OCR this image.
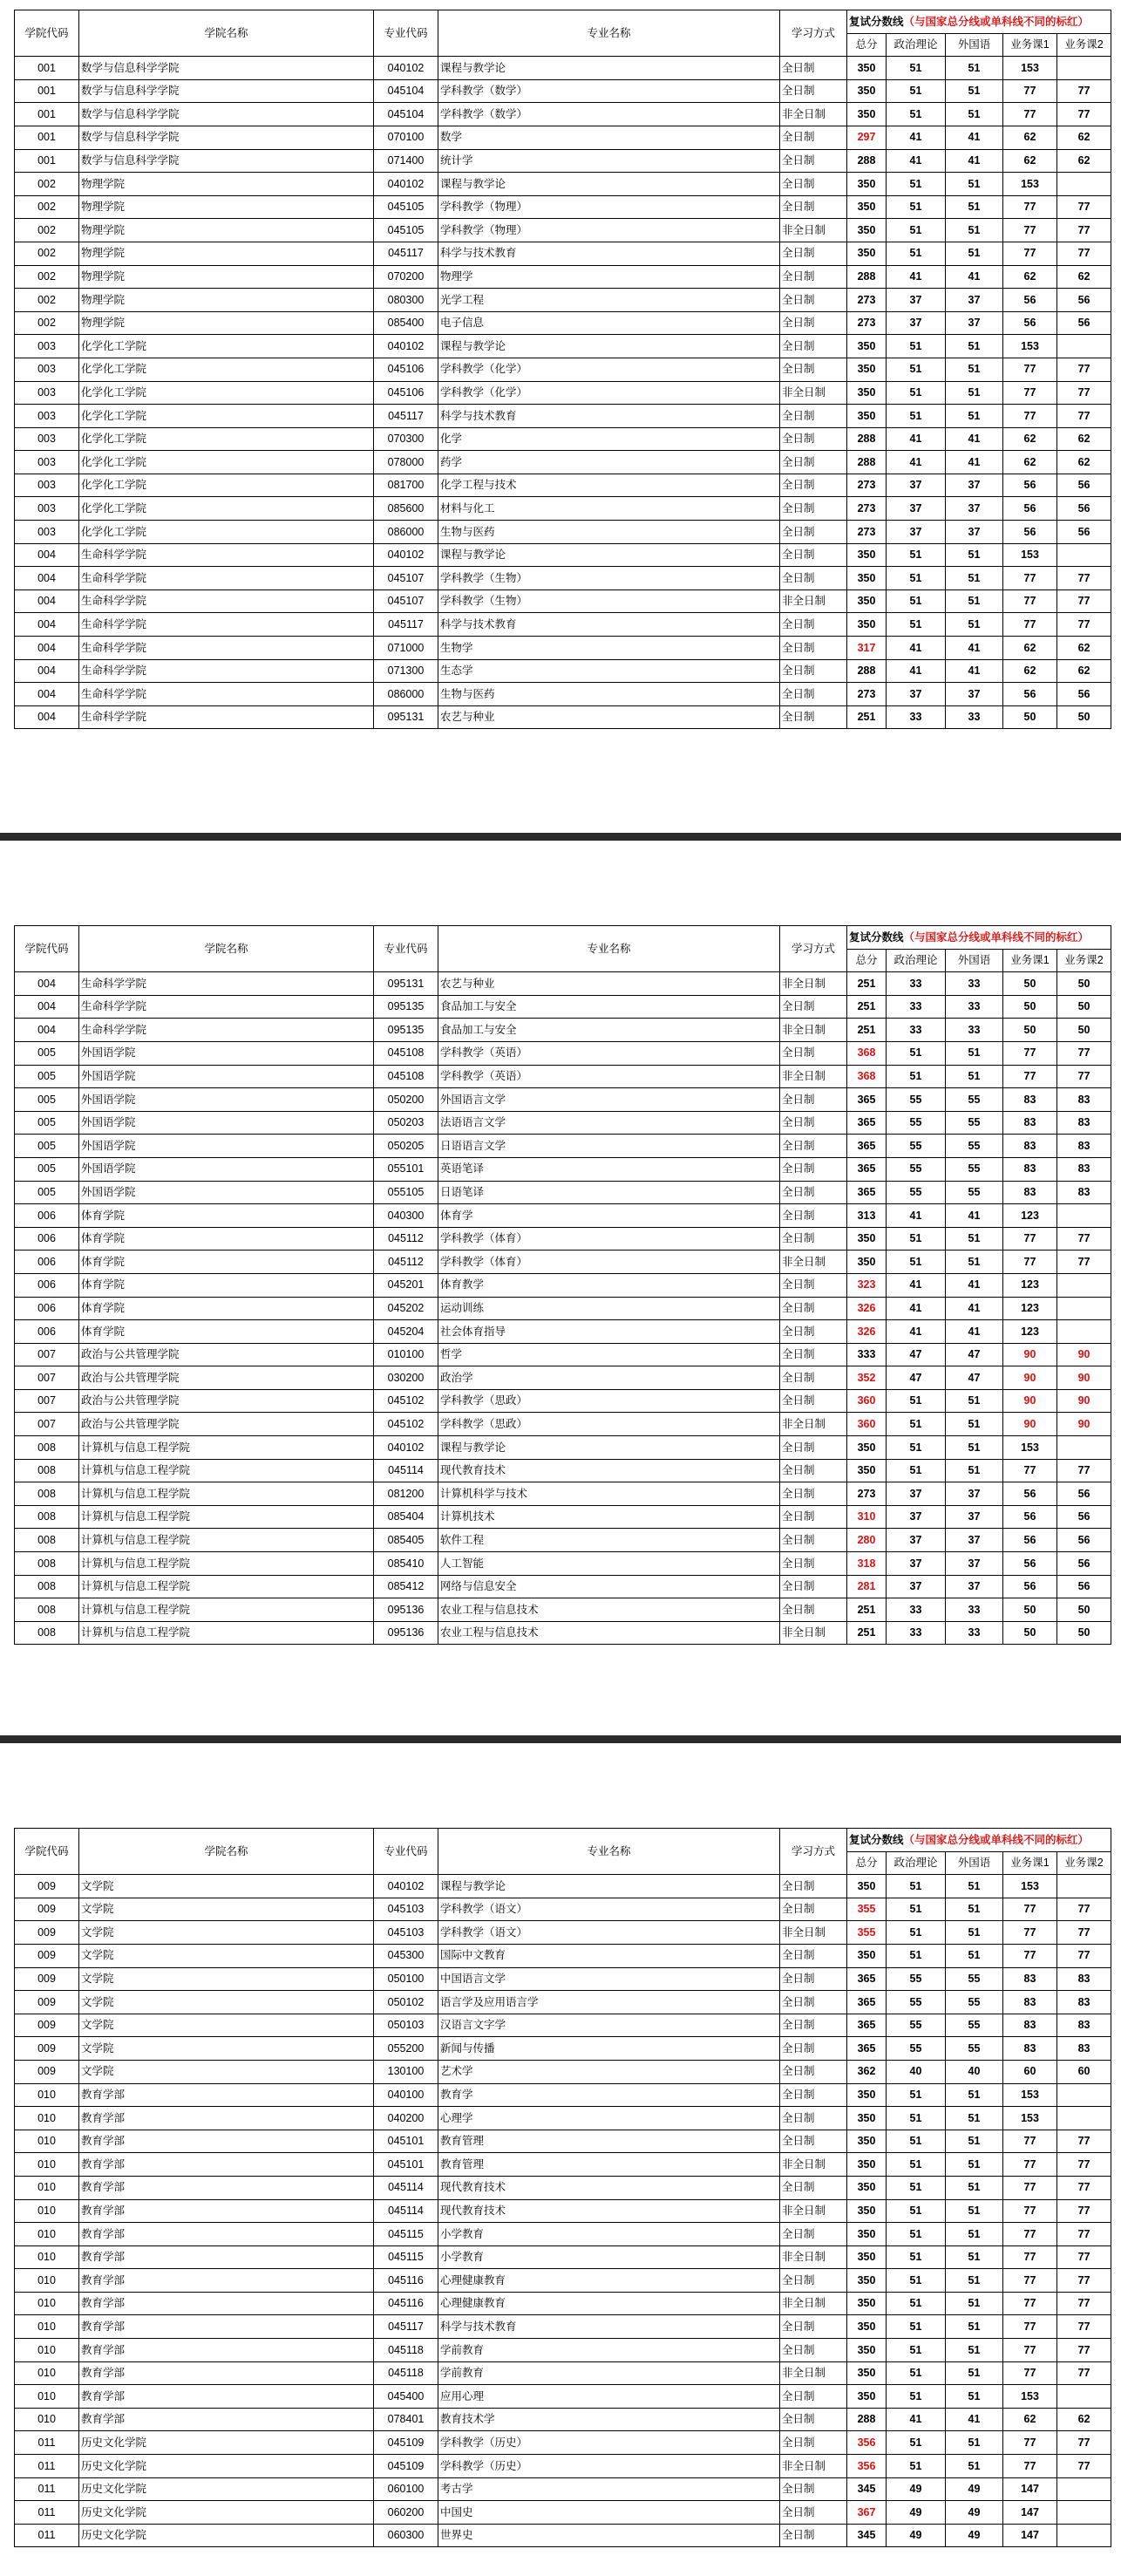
学院代码	学院名称	专业代码	专业名称	学习方式	复试分数线（与国家总分线或单科线不同的标红）				
					总分	政治理论	外国语	业务课1	业务课2
001	数学与信息科学学院	040102	课程与教学论	全日制	350	51	51	153	
001	数学与信息科学学院	045104	学科教学（数学）	全日制	350	51	51	77	77
001	数学与信息科学学院	045104	学科教学（数学）	非全日制	350	51	51	77	77
001	数学与信息科学学院	070100	数学	全日制	297	41	41	62	62
001	数学与信息科学学院	071400	统计学	全日制	288	41	41	62	62
002	物理学院	040102	课程与教学论	全日制	350	51	51	153	
002	物理学院	045105	学科教学（物理）	全日制	350	51	51	77	77
002	物理学院	045105	学科教学（物理）	非全日制	350	51	51	77	77
002	物理学院	045117	科学与技术教育	全日制	350	51	51	77	77
002	物理学院	070200	物理学	全日制	288	41	41	62	62
002	物理学院	080300	光学工程	全日制	273	37	37	56	56
002	物理学院	085400	电子信息	全日制	273	37	37	56	56
003	化学化工学院	040102	课程与教学论	全日制	350	51	51	153	
003	化学化工学院	045106	学科教学（化学）	全日制	350	51	51	77	77
003	化学化工学院	045106	学科教学（化学）	非全日制	350	51	51	77	77
003	化学化工学院	045117	科学与技术教育	全日制	350	51	51	77	77
003	化学化工学院	070300	化学	全日制	288	41	41	62	62
003	化学化工学院	078000	药学	全日制	288	41	41	62	62
003	化学化工学院	081700	化学工程与技术	全日制	273	37	37	56	56
003	化学化工学院	085600	材料与化工	全日制	273	37	37	56	56
003	化学化工学院	086000	生物与医药	全日制	273	37	37	56	56
004	生命科学学院	040102	课程与教学论	全日制	350	51	51	153	
004	生命科学学院	045107	学科教学（生物）	全日制	350	51	51	77	77
004	生命科学学院	045107	学科教学（生物）	非全日制	350	51	51	77	77
004	生命科学学院	045117	科学与技术教育	全日制	350	51	51	77	77
004	生命科学学院	071000	生物学	全日制	317	41	41	62	62
004	生命科学学院	071300	生态学	全日制	288	41	41	62	62
004	生命科学学院	086000	生物与医药	全日制	273	37	37	56	56
004	生命科学学院	095131	农艺与种业	全日制	251	33	33	50	50
学院代码	学院名称	专业代码	专业名称	学习方式	复试分数线（与国家总分线或单科线不同的标红）				
					总分	政治理论	外国语	业务课1	业务课2
004	生命科学学院	095131	农艺与种业	非全日制	251	33	33	50	50
004	生命科学学院	095135	食品加工与安全	全日制	251	33	33	50	50
004	生命科学学院	095135	食品加工与安全	非全日制	251	33	33	50	50
005	外国语学院	045108	学科教学（英语）	全日制	368	51	51	77	77
005	外国语学院	045108	学科教学（英语）	非全日制	368	51	51	77	77
005	外国语学院	050200	外国语言文学	全日制	365	55	55	83	83
005	外国语学院	050203	法语语言文学	全日制	365	55	55	83	83
005	外国语学院	050205	日语语言文学	全日制	365	55	55	83	83
005	外国语学院	055101	英语笔译	全日制	365	55	55	83	83
005	外国语学院	055105	日语笔译	全日制	365	55	55	83	83
006	体育学院	040300	体育学	全日制	313	41	41	123	
006	体育学院	045112	学科教学（体育）	全日制	350	51	51	77	77
006	体育学院	045112	学科教学（体育）	非全日制	350	51	51	77	77
006	体育学院	045201	体育教学	全日制	323	41	41	123	
006	体育学院	045202	运动训练	全日制	326	41	41	123	
006	体育学院	045204	社会体育指导	全日制	326	41	41	123	
007	政治与公共管理学院	010100	哲学	全日制	333	47	47	90	90
007	政治与公共管理学院	030200	政治学	全日制	352	47	47	90	90
007	政治与公共管理学院	045102	学科教学（思政）	全日制	360	51	51	90	90
007	政治与公共管理学院	045102	学科教学（思政）	非全日制	360	51	51	90	90
008	计算机与信息工程学院	040102	课程与教学论	全日制	350	51	51	153	
008	计算机与信息工程学院	045114	现代教育技术	全日制	350	51	51	77	77
008	计算机与信息工程学院	081200	计算机科学与技术	全日制	273	37	37	56	56
008	计算机与信息工程学院	085404	计算机技术	全日制	310	37	37	56	56
008	计算机与信息工程学院	085405	软件工程	全日制	280	37	37	56	56
008	计算机与信息工程学院	085410	人工智能	全日制	318	37	37	56	56
008	计算机与信息工程学院	085412	网络与信息安全	全日制	281	37	37	56	56
008	计算机与信息工程学院	095136	农业工程与信息技术	全日制	251	33	33	50	50
008	计算机与信息工程学院	095136	农业工程与信息技术	非全日制	251	33	33	50	50
学院代码	学院名称	专业代码	专业名称	学习方式	复试分数线（与国家总分线或单科线不同的标红）				
					总分	政治理论	外国语	业务课1	业务课2
009	文学院	040102	课程与教学论	全日制	350	51	51	153	
009	文学院	045103	学科教学（语文）	全日制	355	51	51	77	77
009	文学院	045103	学科教学（语文）	非全日制	355	51	51	77	77
009	文学院	045300	国际中文教育	全日制	350	51	51	77	77
009	文学院	050100	中国语言文学	全日制	365	55	55	83	83
009	文学院	050102	语言学及应用语言学	全日制	365	55	55	83	83
009	文学院	050103	汉语言文字学	全日制	365	55	55	83	83
009	文学院	055200	新闻与传播	全日制	365	55	55	83	83
009	文学院	130100	艺术学	全日制	362	40	40	60	60
010	教育学部	040100	教育学	全日制	350	51	51	153	
010	教育学部	040200	心理学	全日制	350	51	51	153	
010	教育学部	045101	教育管理	全日制	350	51	51	77	77
010	教育学部	045101	教育管理	非全日制	350	51	51	77	77
010	教育学部	045114	现代教育技术	全日制	350	51	51	77	77
010	教育学部	045114	现代教育技术	非全日制	350	51	51	77	77
010	教育学部	045115	小学教育	全日制	350	51	51	77	77
010	教育学部	045115	小学教育	非全日制	350	51	51	77	77
010	教育学部	045116	心理健康教育	全日制	350	51	51	77	77
010	教育学部	045116	心理健康教育	非全日制	350	51	51	77	77
010	教育学部	045117	科学与技术教育	全日制	350	51	51	77	77
010	教育学部	045118	学前教育	全日制	350	51	51	77	77
010	教育学部	045118	学前教育	非全日制	350	51	51	77	77
010	教育学部	045400	应用心理	全日制	350	51	51	153	
010	教育学部	078401	教育技术学	全日制	288	41	41	62	62
011	历史文化学院	045109	学科教学（历史）	全日制	356	51	51	77	77
011	历史文化学院	045109	学科教学（历史）	非全日制	356	51	51	77	77
011	历史文化学院	060100	考古学	全日制	345	49	49	147	
011	历史文化学院	060200	中国史	全日制	367	49	49	147	
011	历史文化学院	060300	世界史	全日制	345	49	49	147	
